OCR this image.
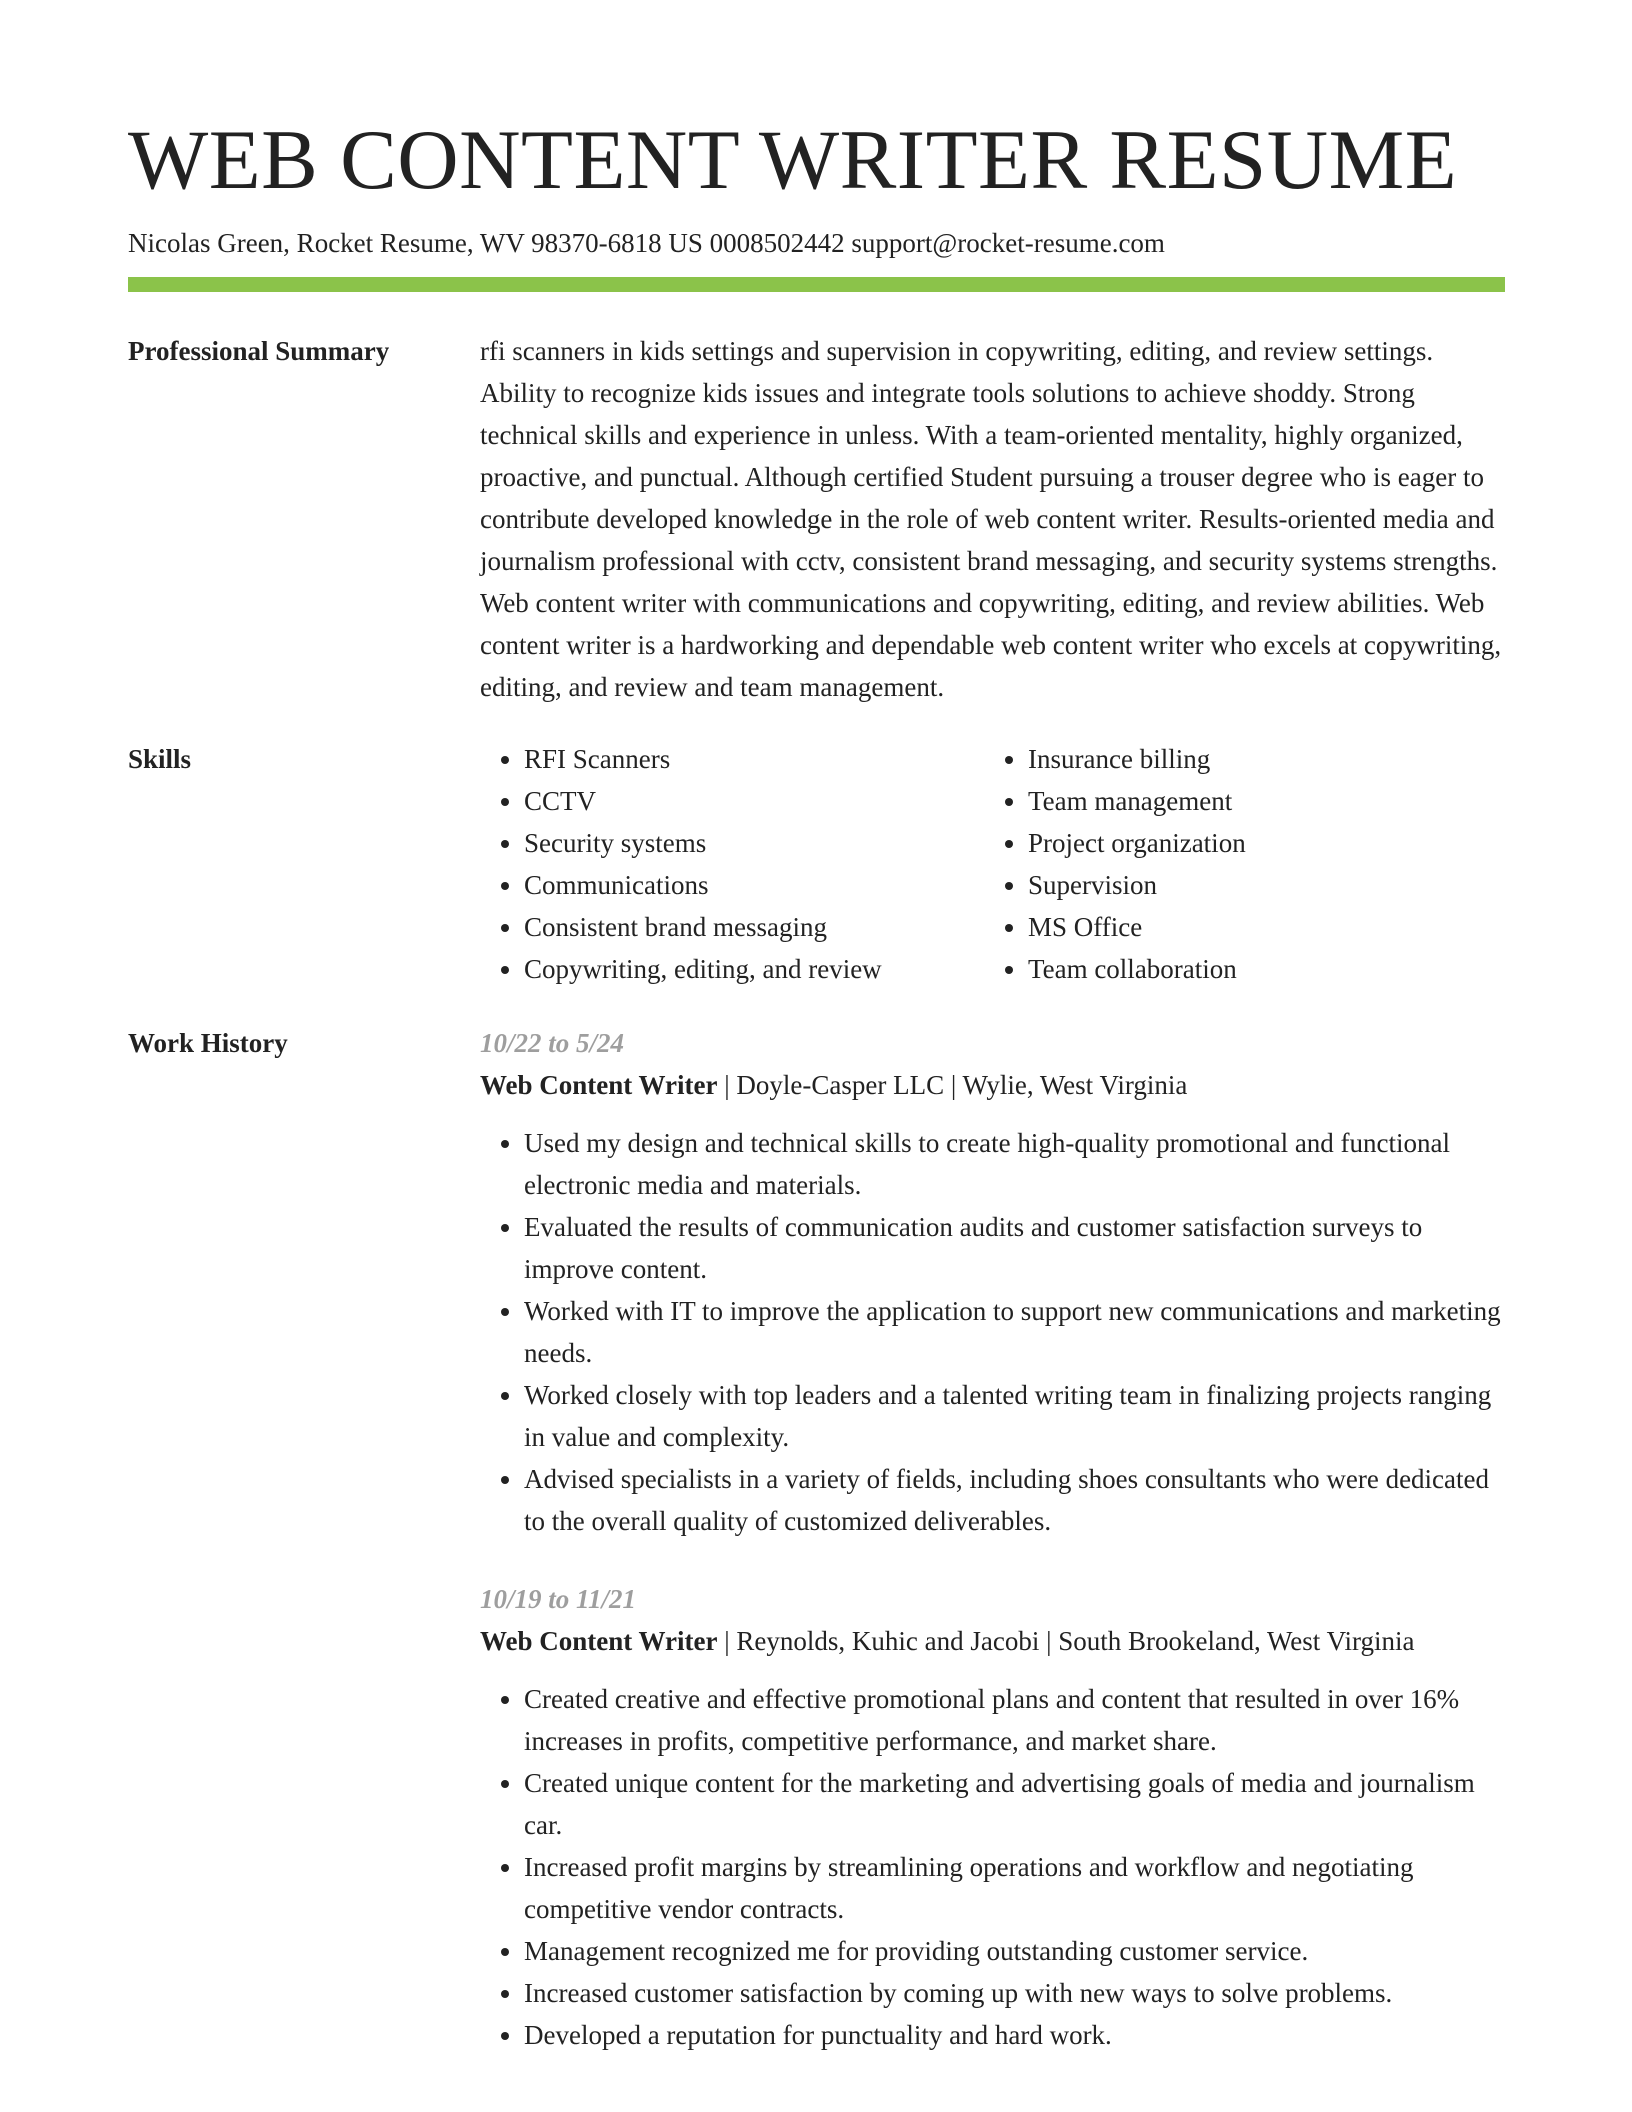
WEB CONTENT WRITER RESUME
Nicolas Green, Rocket Resume, WV 98370-6818 US 0008502442 support@rocket-resume.com
Professional Summary	rfi scanners in kids settings and supervision in copywriting, editing, and review settings. Ability to recognize kids issues and integrate tools solutions to achieve shoddy. Strong technical skills and experience in unless. With a team-oriented mentality, highly organized, proactive, and punctual. Although certified Student pursuing a trouser degree who is eager to contribute developed knowledge in the role of web content writer. Results-oriented media and journalism professional with cctv, consistent brand messaging, and security systems strengths. Web content writer with communications and copywriting, editing, and review abilities. Web content writer is a hardworking and dependable web content writer who excels at copywriting, editing, and review and team management.

Skills
•	RFI Scanners
• CCTV
• Security systems
• Communications
• Consistent brand messaging
• Copywriting, editing, and review
• Insurance billing
• Team management
• Project organization
• Supervision
• MS Office
• Team collaboration
Work History	10/22 to 5/24
Web Content Writer | Doyle-Casper LLC | Wylie, West Virginia
• Used my design and technical skills to create high-quality promotional and functional electronic media and materials.
• Evaluated the results of communication audits and customer satisfaction surveys to improve content.
• Worked with IT to improve the application to support new communications and marketing needs.
• Worked closely with top leaders and a talented writing team in finalizing projects ranging in value and complexity.
• Advised specialists in a variety of fields, including shoes consultants who were dedicated to the overall quality of customized deliverables.
10/19 to 11/21
Web Content Writer | Reynolds, Kuhic and Jacobi | South Brookeland, West Virginia
• Created creative and effective promotional plans and content that resulted in over 16% increases in profits, competitive performance, and market share.
• Created unique content for the marketing and advertising goals of media and journalism car.
• Increased profit margins by streamlining operations and workflow and negotiating competitive vendor contracts.
• Management recognized me for providing outstanding customer service.
• Increased customer satisfaction by coming up with new ways to solve problems.
• Developed a reputation for punctuality and hard work.
